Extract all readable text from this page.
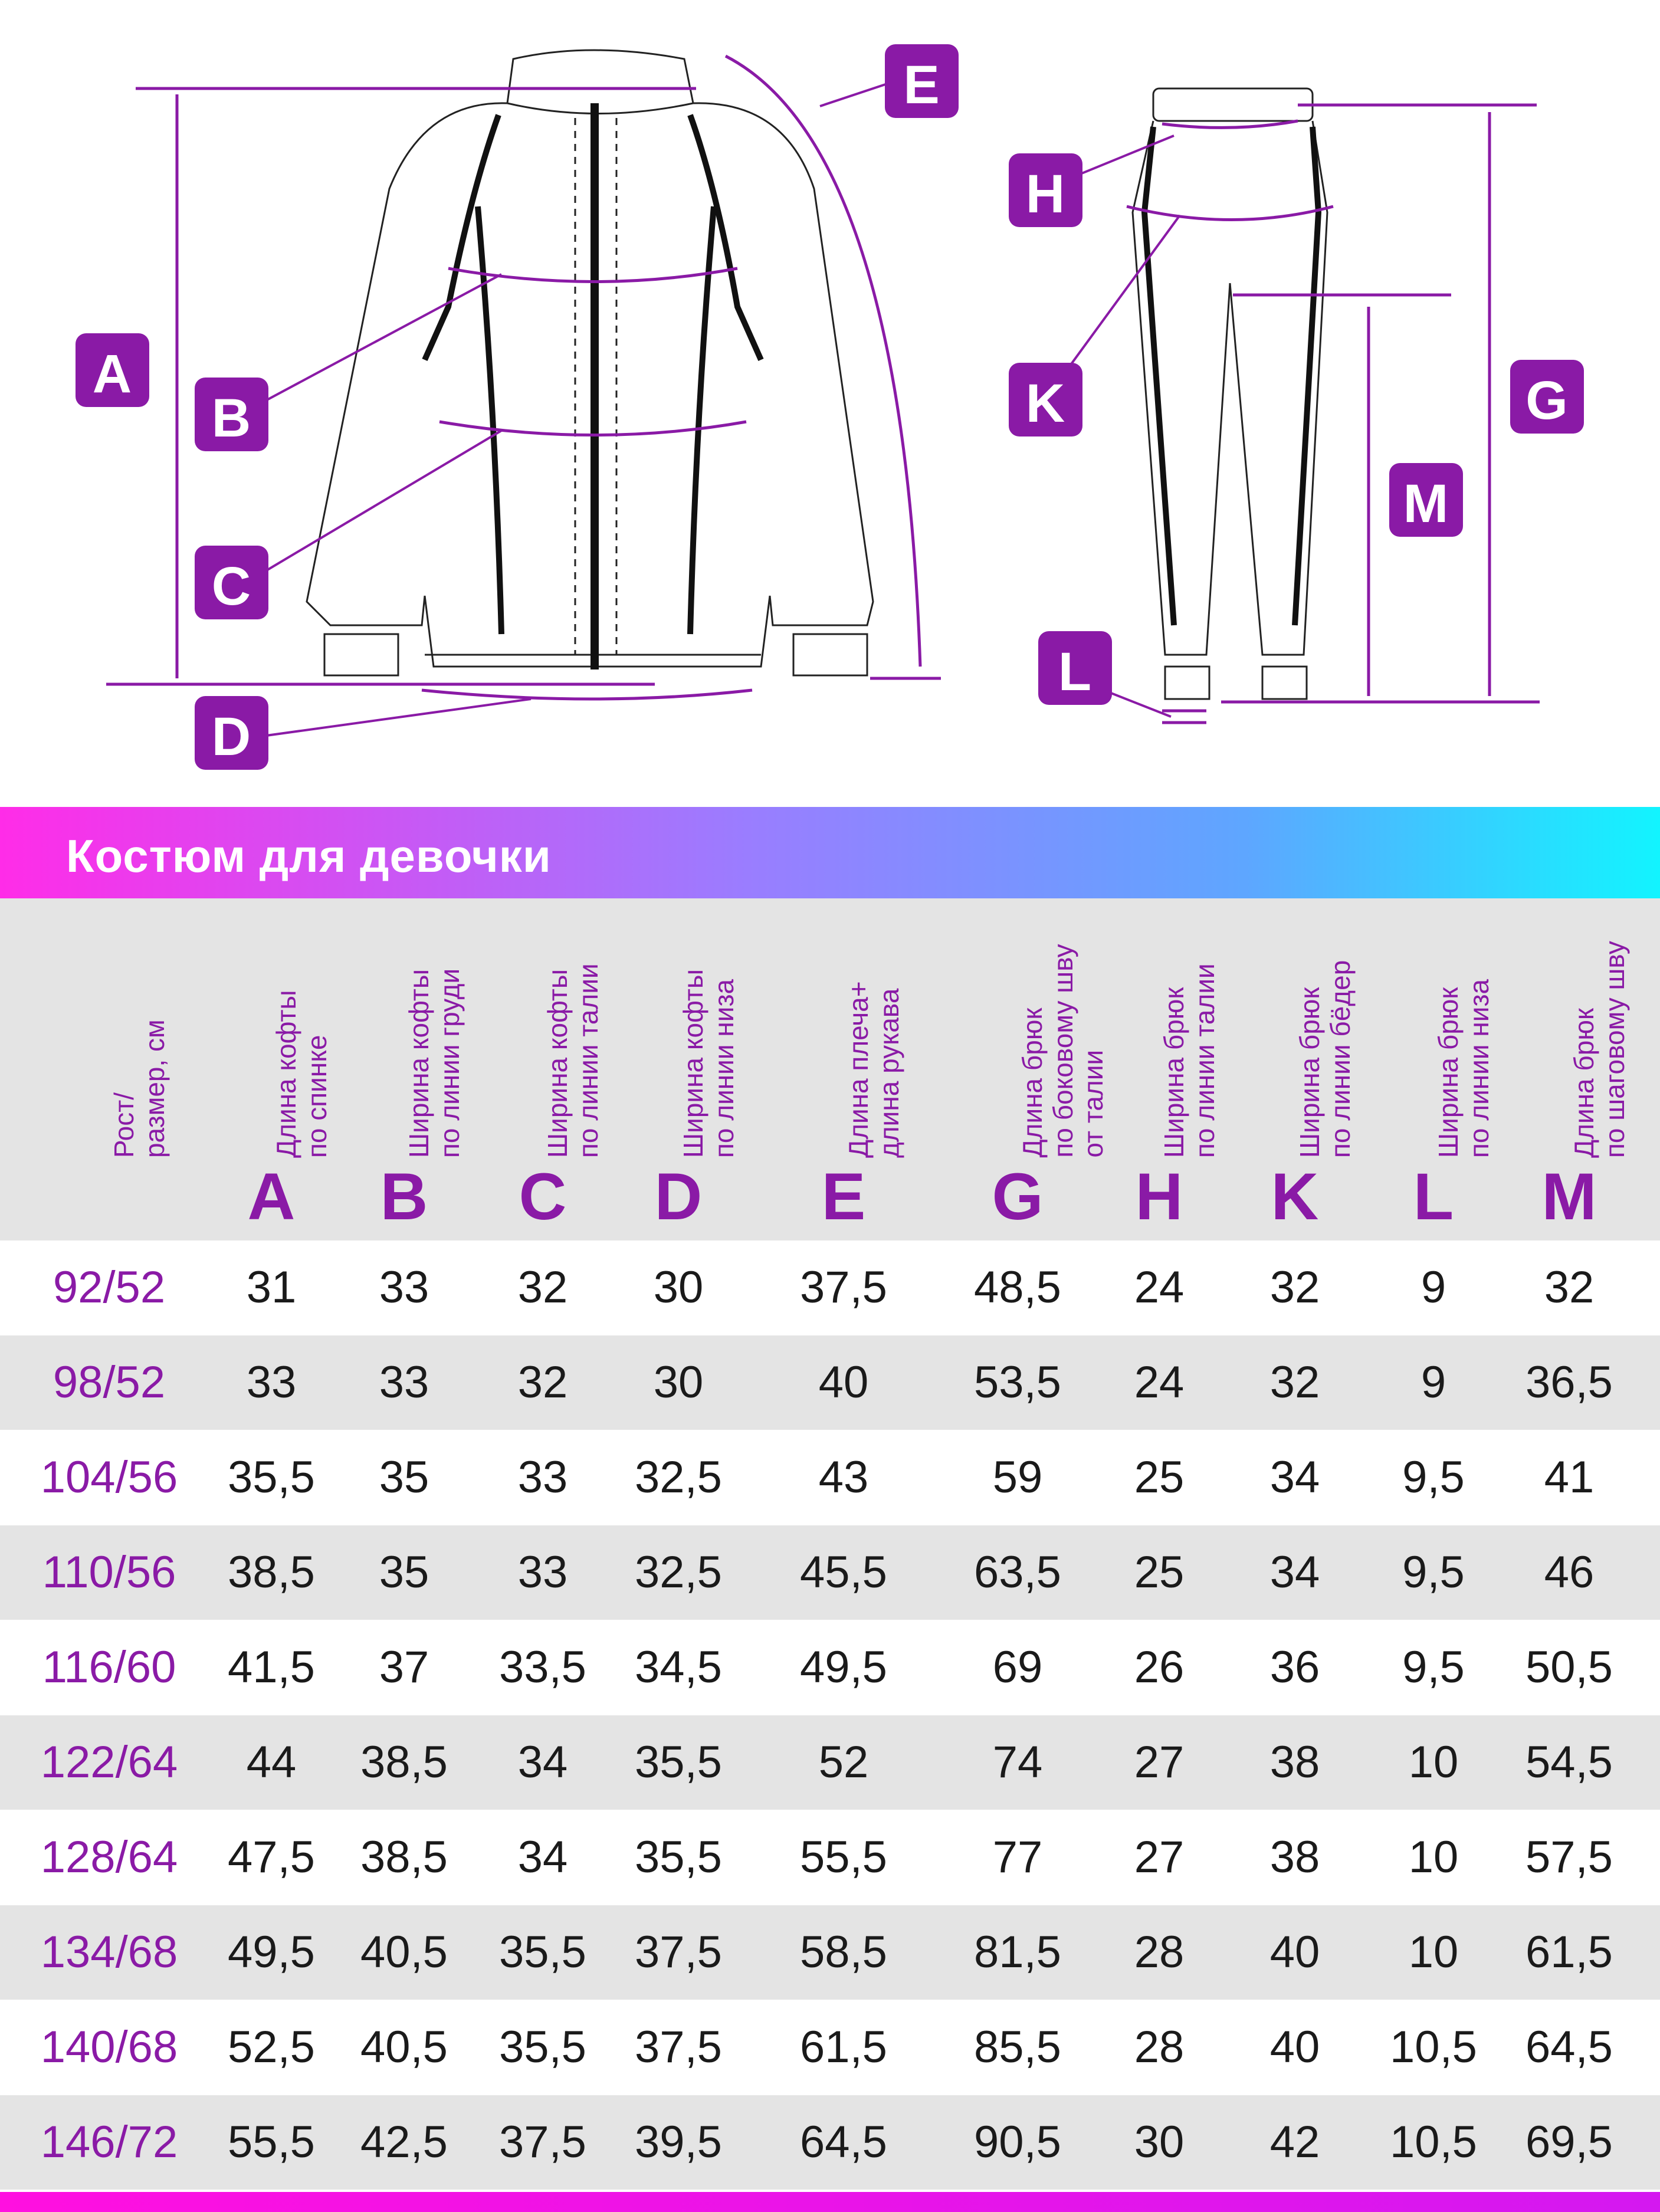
A
B
C
D
E
H
K	G
M
L
Костюм для девочки
Рост/
размер, см
Длина кофты
по спинке
A
Ширина кофты
по линии груди
B
Ширина кофты
по линии талии
C
Ширина кофты
по линии низа
D
Длина плеча+
длина рукава
E
Длина брюк
по боковому шву
от талии
G
Ширина брюк
по линии талии
H
Ширина брюк
по линии бёдер
K
Ширина брюк
по линии низа
L
Длина брюк
по шаговому шву
M
92/52	31	33	32	30	37,5	48,5	24	32	9	32
98/52	33	33	32	30	40	53,5	24	32	9	36,5
104/56	35,5	35	33	32,5	43	59	25	34	9,5	41
110/56	38,5	35	33	32,5	45,5	63,5	25	34	9,5	46
116/60	41,5	37	33,5	34,5	49,5	69	26	36	9,5	50,5
122/64	44	38,5	34	35,5	52	74	27	38	10	54,5
128/64	47,5	38,5	34	35,5	55,5	77	27	38	10	57,5
134/68	49,5	40,5	35,5	37,5	58,5	81,5	28	40	10	61,5
140/68	52,5	40,5	35,5	37,5	61,5	85,5	28	40	10,5	64,5
146/72	55,5	42,5	37,5	39,5	64,5	90,5	30	42	10,5	69,5
